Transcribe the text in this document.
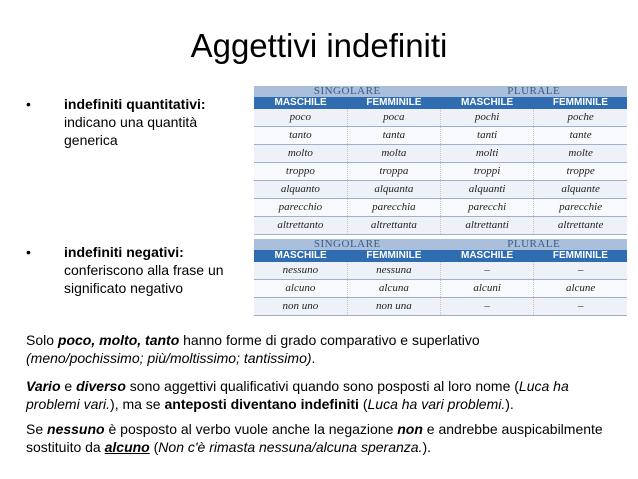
Aggettivi indefiniti
• indefiniti quantitativi:
indicano una quantità generica
• indefiniti negativi:
conferiscono alla frase un significato negativo
SINGOLARE		PLURALE	
MASCHILE	FEMMINILE	MASCHILE	FEMMINILE
poco	poca	pochi	poche
tanto	tanta	tanti	tante
molto	molta	molti	molte
troppo	troppa	troppi	troppe
alquanto	alquanta	alquanti	alquante
parecchio	parecchia	parecchi	parecchie
altrettanto	altrettanta	altrettanti	altrettante
SINGOLARE		PLURALE	
MASCHILE	FEMMINILE	MASCHILE	FEMMINILE
nessuno	nessuna	–	–
alcuno	alcuna	alcuni	alcune
non uno	non una	–	–
Solo poco, molto, tanto hanno forme di grado comparativo e superlativo
(meno/pochissimo; più/moltissimo; tantissimo).
Vario e diverso sono aggettivi qualificativi quando sono posposti al loro nome (Luca ha problemi vari.), ma se anteposti diventano indefiniti (Luca ha vari problemi.).
Se nessuno è posposto al verbo vuole anche la negazione non e andrebbe auspicabilmente sostituito da alcuno (Non c'è rimasta nessuna/alcuna speranza.).
